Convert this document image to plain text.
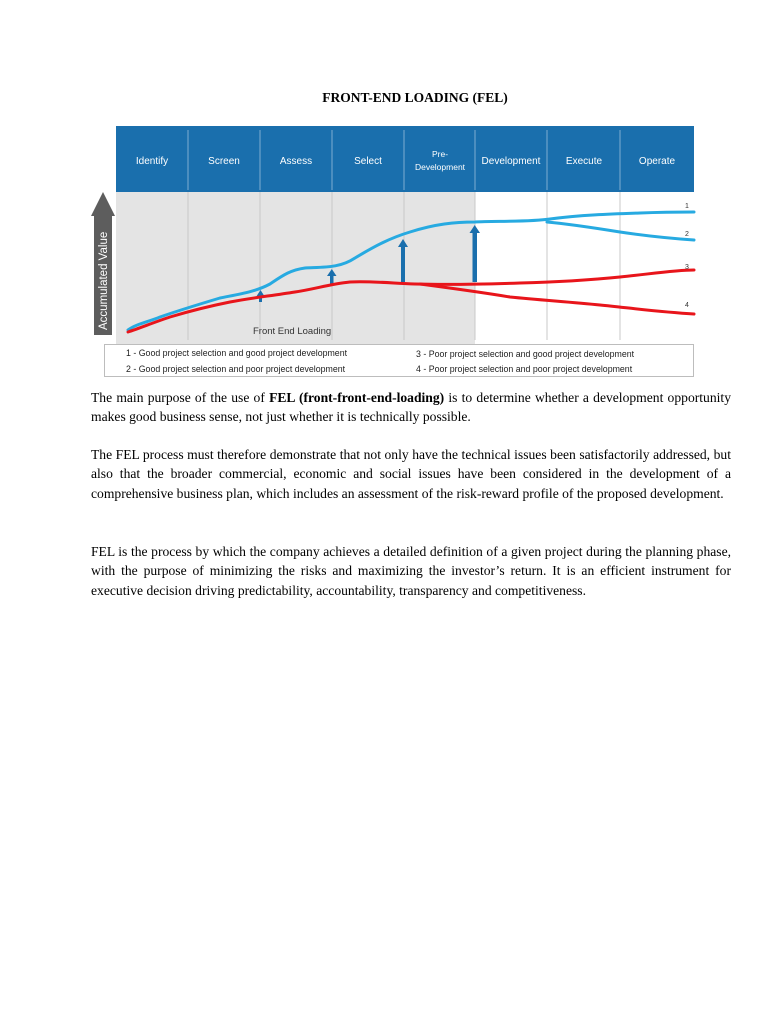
FRONT-END LOADING (FEL)
Identify	Screen	Assess	Select
Pre-
Development Development	Execute	Operate
Accumulated Value
1
2
3
4
Front End Loading
1 - Good project selection and good project development
2 - Good project selection and poor project development
3 - Poor project selection and good project development
4 - Poor project selection and poor project development

The main purpose of the use of FEL (front-front-end-loading) is to determine whether a development opportunity makes good business sense, not just whether it is technically possible.

The FEL process must therefore demonstrate that not only have the technical issues been satisfactorily addressed, but also that the broader commercial, economic and social issues have been considered in the development of a comprehensive business plan, which includes an assessment of the risk-reward profile of the proposed development.

FEL is the process by which the company achieves a detailed definition of a given project during the planning phase, with the purpose of minimizing the risks and maximizing the investor’s return. It is an efficient instrument for executive decision driving predictability, accountability, transparency and competitiveness.
